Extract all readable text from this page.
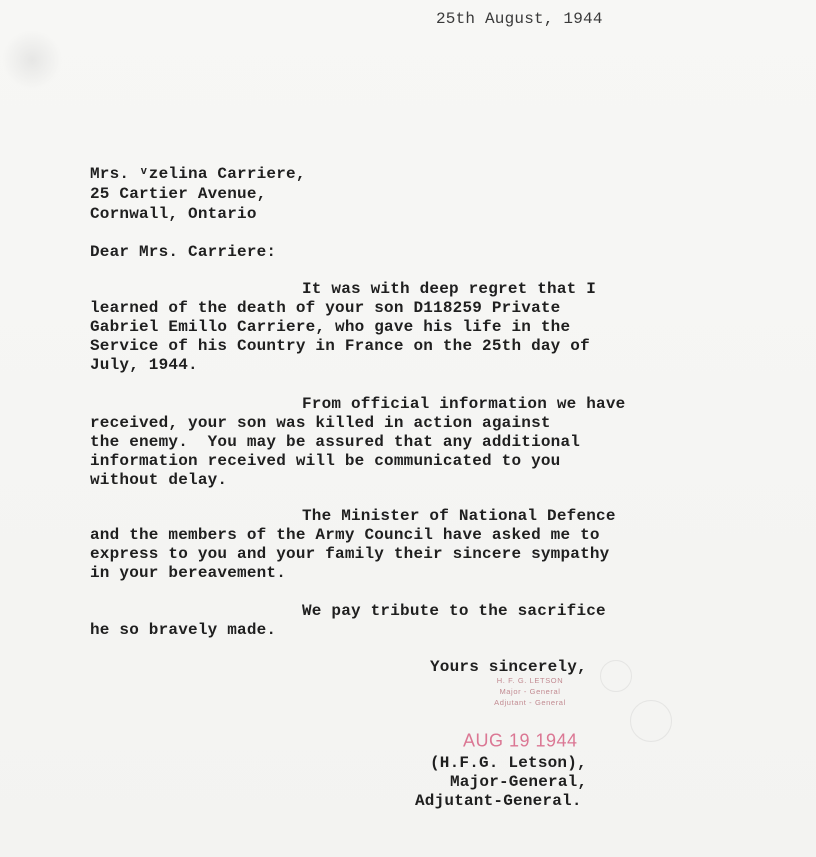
25th August, 1944
Mrs. ᵛzelina Carriere,
25 Cartier Avenue,
Cornwall, Ontario
Dear Mrs. Carriere:
It was with deep regret that I
learned of the death of your son D118259 Private
Gabriel Emillo Carriere, who gave his life in the
Service of his Country in France on the 25th day of
July, 1944.
From official information we have
received, your son was killed in action against
the enemy.  You may be assured that any additional
information received will be communicated to you
without delay.
The Minister of National Defence
and the members of the Army Council have asked me to
express to you and your family their sincere sympathy
in your bereavement.
We pay tribute to the sacrifice
he so bravely made.
Yours sincerely,
H. F. G. LETSON
Major - General
Adjutant - General
AUG 19 1944
(H.F.G. Letson),
Major-General,
Adjutant-General.
